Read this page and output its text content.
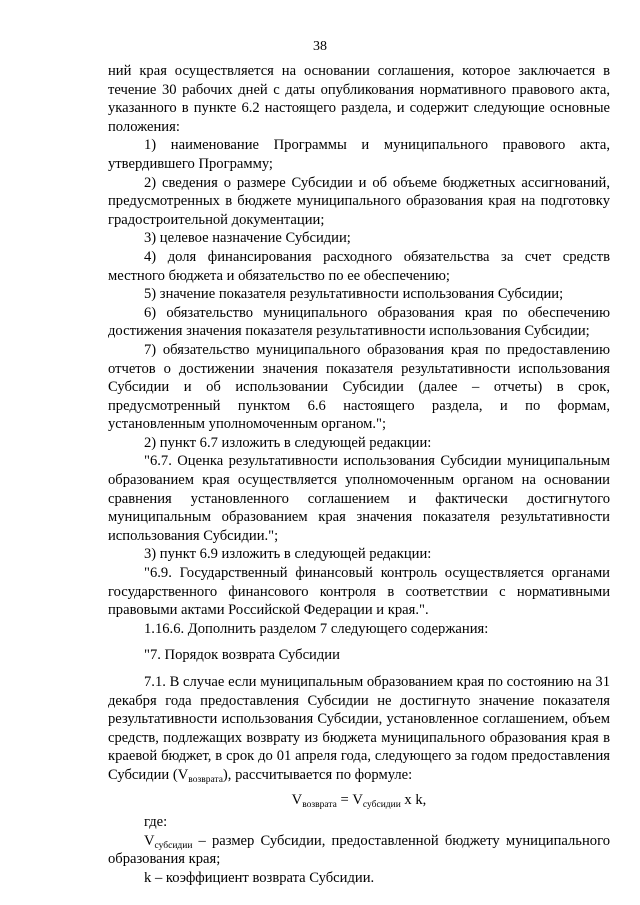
38

ний края осуществляется на основании соглашения, которое заключается в течение 30 рабочих дней с даты опубликования нормативного правового акта, указанного в пункте 6.2 настоящего раздела, и содержит следующие основные положения:

1) наименование Программы и муниципального правового акта, утвердившего Программу;

2) сведения о размере Субсидии и об объеме бюджетных ассигнований, предусмотренных в бюджете муниципального образования края на подготовку градостроительной документации;

3) целевое назначение Субсидии;

4) доля финансирования расходного обязательства за счет средств местного бюджета и обязательство по ее обеспечению;

5) значение показателя результативности использования Субсидии;

6) обязательство муниципального образования края по обеспечению достижения значения показателя результативности использования Субсидии;

7) обязательство муниципального образования края по предоставлению отчетов о достижении значения показателя результативности использования Субсидии и об использовании Субсидии (далее – отчеты) в срок, предусмотренный пунктом 6.6 настоящего раздела, и по формам, установленным уполномоченным органом.";

2) пункт 6.7 изложить в следующей редакции:

"6.7. Оценка результативности использования Субсидии муниципальным образованием края осуществляется уполномоченным органом на основании сравнения установленного соглашением и фактически достигнутого муниципальным образованием края значения показателя результативности использования Субсидии.";

3) пункт 6.9 изложить в следующей редакции:

"6.9. Государственный финансовый контроль осуществляется органами государственного финансового контроля в соответствии с нормативными правовыми актами Российской Федерации и края.".

1.16.6. Дополнить разделом 7 следующего содержания:

"7. Порядок возврата Субсидии

7.1. В случае если муниципальным образованием края по состоянию на 31 декабря года предоставления Субсидии не достигнуто значение показателя результативности использования Субсидии, установленное соглашением, объем средств, подлежащих возврату из бюджета муниципального образования края в краевой бюджет, в срок до 01 апреля года, следующего за годом предоставления Субсидии $(V_{возврата})$, рассчитывается по формуле:

$V_{возврата} = V_{субсидии}$ x k,

где:

$V_{субсидии}$ – размер Субсидии, предоставленной бюджету муниципального образования края;

k – коэффициент возврата Субсидии.
